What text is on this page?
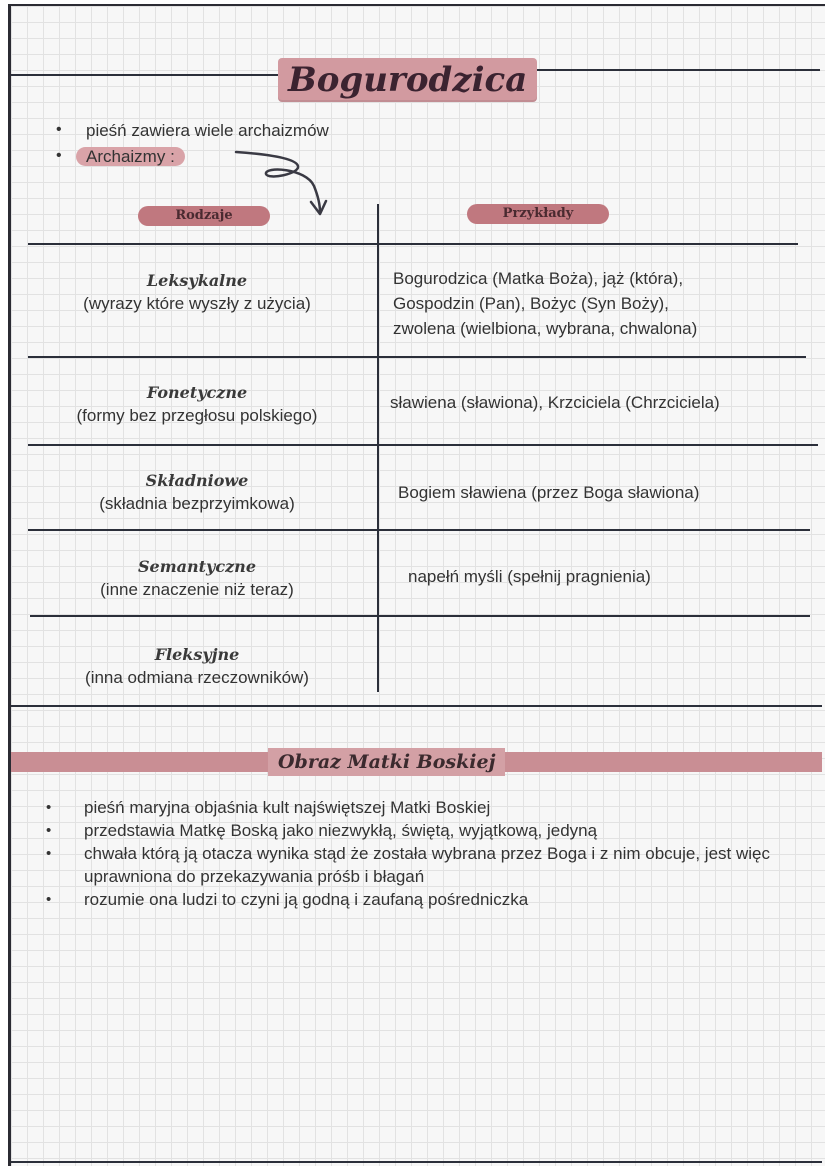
Bogurodzica
• pieśń zawiera wiele archaizmów
• Archaizmy :
Rodzaje	Przykłady
Leksykalne
(wyrazy które wyszły z użycia)
Bogurodzica (Matka Boża), jąż (która),
Gospodzin (Pan), Bożyc (Syn Boży),
zwolena (wielbiona, wybrana, chwalona)
Fonetyczne
(formy bez przegłosu polskiego)
sławiena (sławiona), Krzciciela (Chrzciciela)
Składniowe
(składnia bezprzyimkowa)
Bogiem sławiena (przez Boga sławiona)
Semantyczne
(inne znaczenie niż teraz)
napełń myśli (spełnij pragnienia)
Fleksyjne
(inna odmiana rzeczowników)
Obraz Matki Boskiej
• pieśń maryjna objaśnia kult najświętszej Matki Boskiej
• przedstawia Matkę Boską jako niezwykłą, świętą, wyjątkową, jedyną
• chwała którą ją otacza wynika stąd że została wybrana przez Boga i z nim obcuje, jest więc uprawniona do przekazywania próśb i błagań
• rozumie ona ludzi to czyni ją godną i zaufaną pośredniczka
